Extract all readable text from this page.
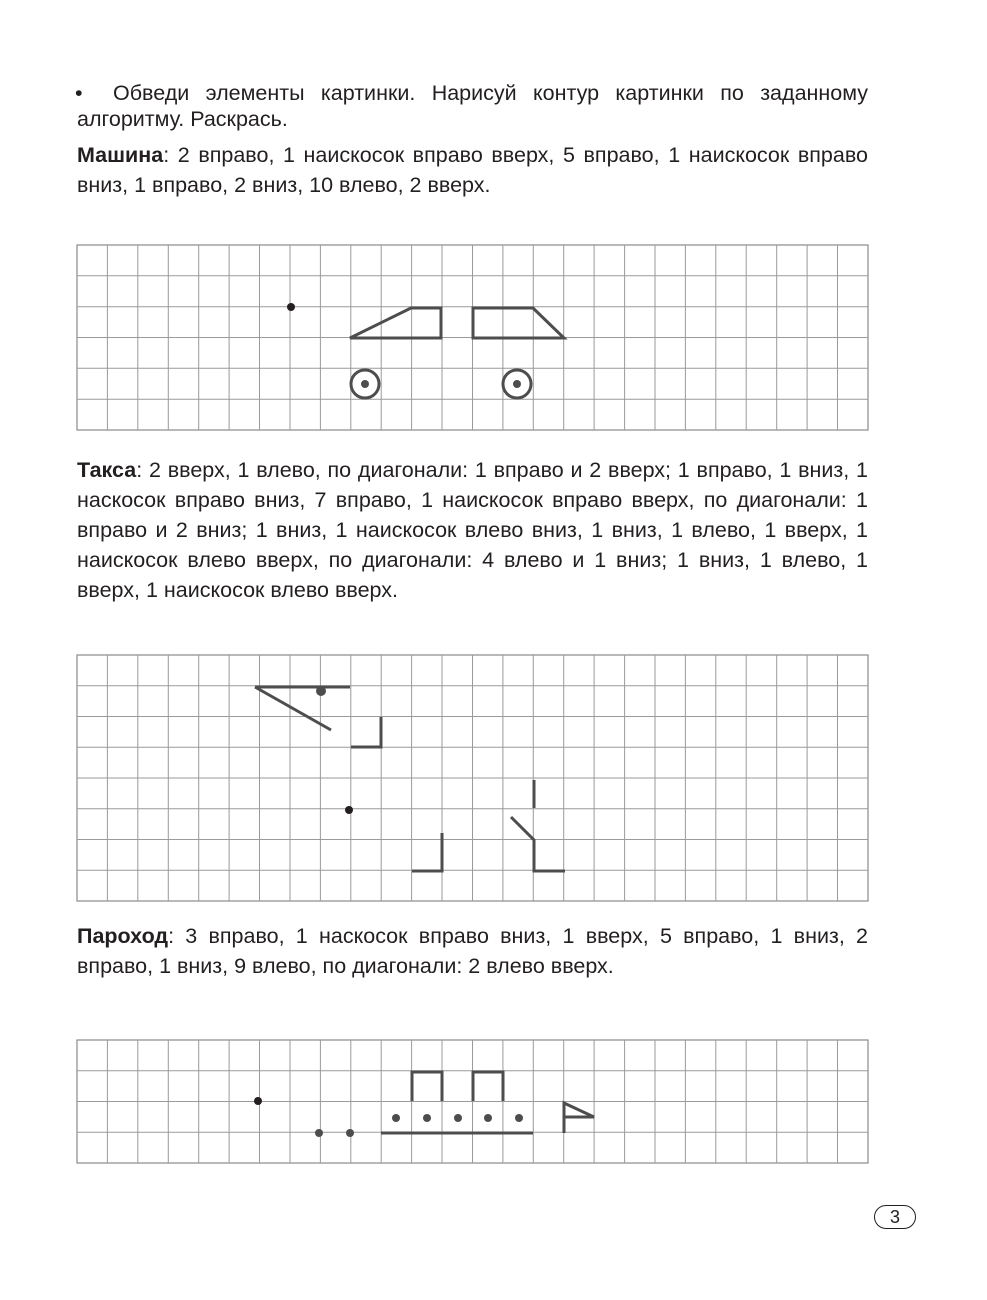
•	Обведи элементы картинки. Нарисуй контур картинки по заданному алгоритму. Раскрась.

Машина: 2 вправо, 1 наискосок вправо вверх, 5 вправо, 1 наискосок вправо вниз, 1 вправо, 2 вниз, 10 влево, 2 вверх.

Такса: 2 вверх, 1 влево, по диагонали: 1 вправо и 2 вверх; 1 вправо, 1 вниз, 1 наскосок вправо вниз, 7 вправо, 1 наискосок вправо вверх, по диагонали: 1 вправо и 2 вниз; 1 вниз, 1 наискосок влево вниз, 1 вниз, 1 влево, 1 вверх, 1 наискосок влево вверх, по диагонали: 4 влево и 1 вниз; 1 вниз, 1 влево, 1 вверх, 1 наискосок влево вверх.

Пароход: 3 вправо, 1 наскосок вправо вниз, 1 вверх, 5 вправо, 1 вниз, 2 вправо, 1 вниз, 9 влево, по диагонали: 2 влево вверх.

3
